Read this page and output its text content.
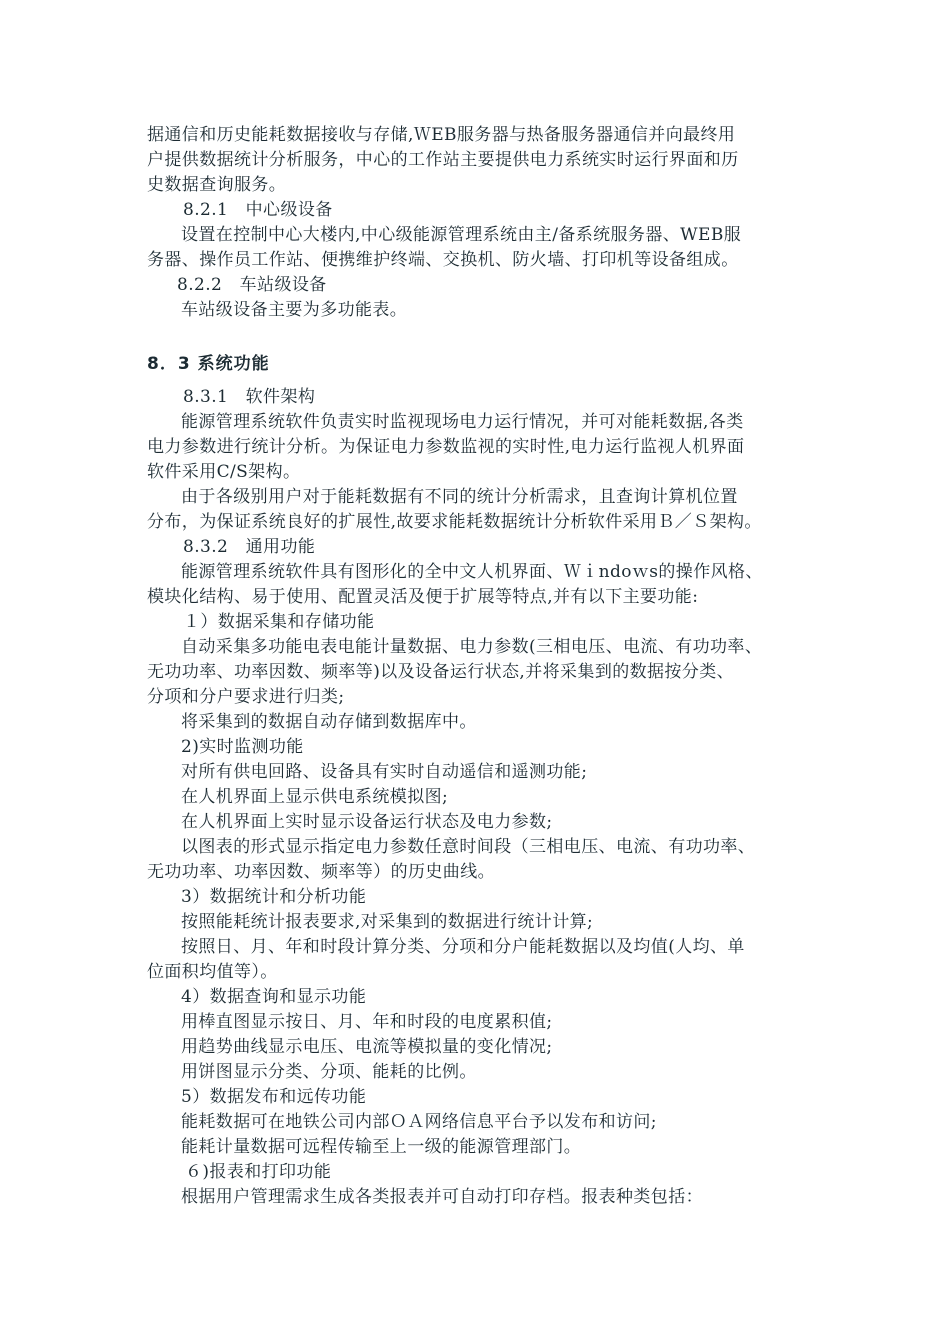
据通信和历史能耗数据接收与存储,ＷEB服务器与热备服务器通信并向最终用

户提供数据统计分析服务，中心的工作站主要提供电力系统实时运行界面和历

史数据查询服务。

8.2.1　中心级设备

设置在控制中心大楼内,中心级能源管理系统由主/备系统服务器、WEB服

务器、操作员工作站、便携维护终端、交换机、防火墙、打印机等设备组成。

8.2.2　车站级设备

车站级设备主要为多功能表。

8．3 系统功能

8.3.1　软件架构

能源管理系统软件负责实时监视现场电力运行情况，并可对能耗数据,各类

电力参数进行统计分析。为保证电力参数监视的实时性,电力运行监视人机界面

软件采用C/S架构。

由于各级别用户对于能耗数据有不同的统计分析需求，且查询计算机位置

分布，为保证系统良好的扩展性,故要求能耗数据统计分析软件采用Ｂ／Ｓ架构。

8.3.2　通用功能

能源管理系统软件具有图形化的全中文人机界面、Ｗｉndoｗs的操作风格、

模块化结构、易于使用、配置灵活及便于扩展等特点,并有以下主要功能:

１）数据采集和存储功能

自动采集多功能电表电能计量数据、电力参数(三相电压、电流、有功功率、

无功功率、功率因数、频率等)以及设备运行状态,并将采集到的数据按分类、

分项和分户要求进行归类;

将采集到的数据自动存储到数据库中。

2)实时监测功能

对所有供电回路、设备具有实时自动遥信和遥测功能;

在人机界面上显示供电系统模拟图;

在人机界面上实时显示设备运行状态及电力参数;

以图表的形式显示指定电力参数任意时间段（三相电压、电流、有功功率、

无功功率、功率因数、频率等）的历史曲线。

3）数据统计和分析功能

按照能耗统计报表要求,对采集到的数据进行统计计算;

按照日、月、年和时段计算分类、分项和分户能耗数据以及均值(人均、单

位面积均值等）。

4）数据查询和显示功能

用棒直图显示按日、月、年和时段的电度累积值;

用趋势曲线显示电压、电流等模拟量的变化情况;

用饼图显示分类、分项、能耗的比例。

5）数据发布和远传功能

能耗数据可在地铁公司内部ＯＡ网络信息平台予以发布和访问;

能耗计量数据可远程传输至上一级的能源管理部门。

６)报表和打印功能

根据用户管理需求生成各类报表并可自动打印存档。报表种类包括：
